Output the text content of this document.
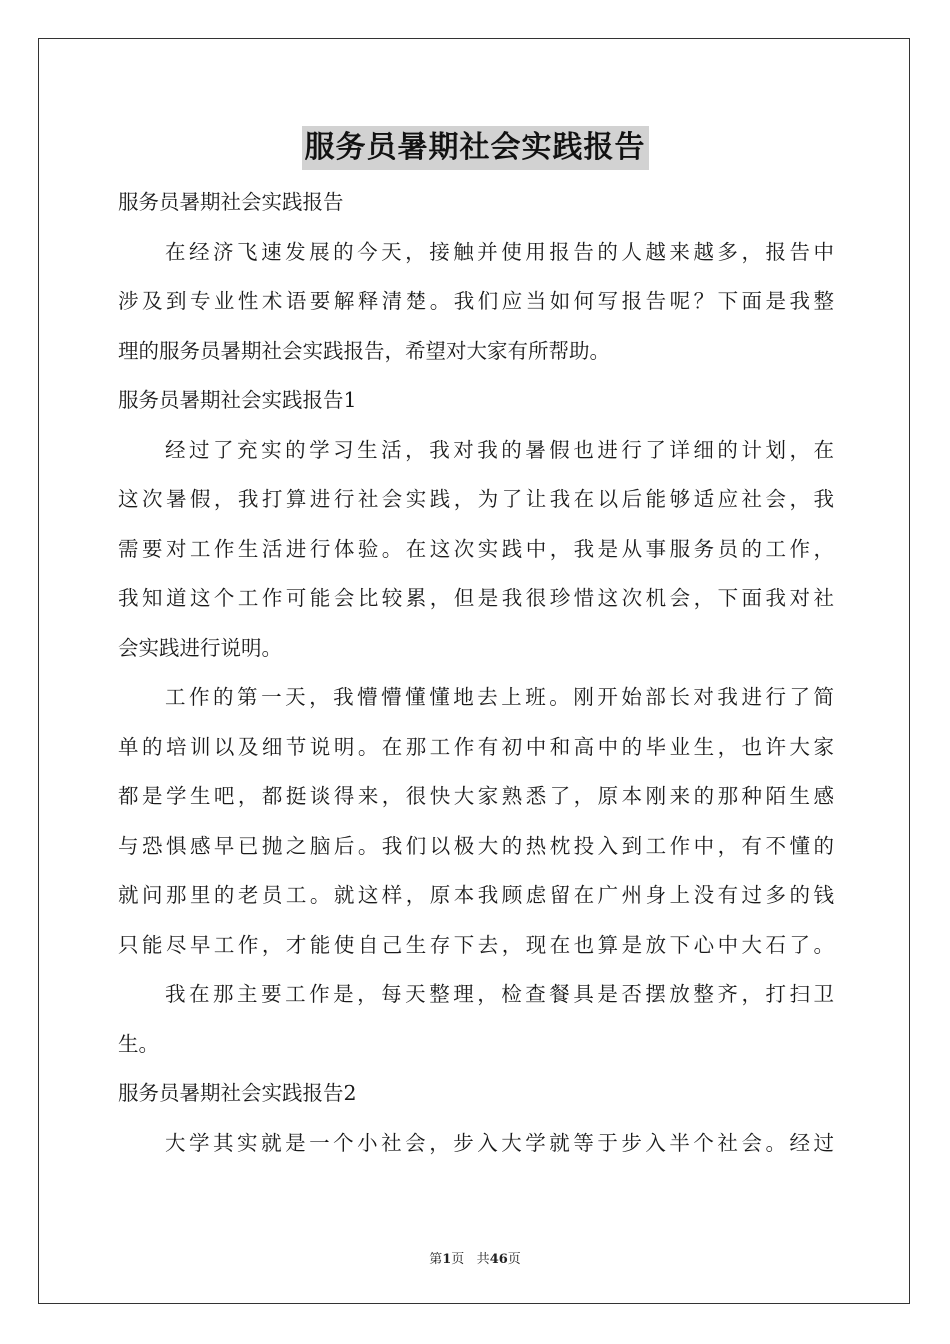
服务员暑期社会实践报告
服务员暑期社会实践报告
在经济飞速发展的今天，接触并使用报告的人越来越多，报告中
涉及到专业性术语要解释清楚。我们应当如何写报告呢？下面是我整
理的服务员暑期社会实践报告，希望对大家有所帮助。
服务员暑期社会实践报告1
经过了充实的学习生活，我对我的暑假也进行了详细的计划，在
这次暑假，我打算进行社会实践，为了让我在以后能够适应社会，我
需要对工作生活进行体验。在这次实践中，我是从事服务员的工作，
我知道这个工作可能会比较累，但是我很珍惜这次机会，下面我对社
会实践进行说明。
工作的第一天，我懵懵懂懂地去上班。刚开始部长对我进行了简
单的培训以及细节说明。在那工作有初中和高中的毕业生，也许大家
都是学生吧，都挺谈得来，很快大家熟悉了，原本刚来的那种陌生感
与恐惧感早已抛之脑后。我们以极大的热枕投入到工作中，有不懂的
就问那里的老员工。就这样，原本我顾虑留在广州身上没有过多的钱
只能尽早工作，才能使自己生存下去，现在也算是放下心中大石了。
我在那主要工作是，每天整理，检查餐具是否摆放整齐，打扫卫
生。
服务员暑期社会实践报告2
大学其实就是一个小社会，步入大学就等于步入半个社会。经过
第1页 共46页
